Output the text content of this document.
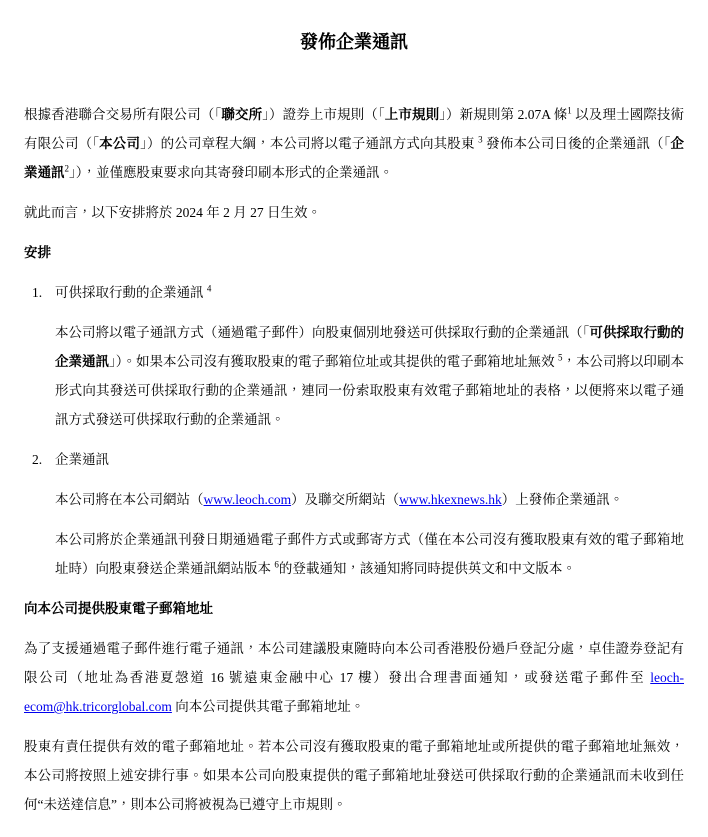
發佈企業通訊

根據香港聯合交易所有限公司（「聯交所」）證券上市規則（「上市規則」）新規則第 2.07A 條$^1$ 以及理士國際技術有限公司（「本公司」）的公司章程大綱，本公司將以電子通訊方式向其股東 $^3$ 發佈本公司日後的企業通訊（「企業通訊$^2$」），並僅應股東要求向其寄發印刷本形式的企業通訊。

就此而言，以下安排將於 2024 年 2 月 27 日生效。

安排
1. 可供採取行動的企業通訊 $^4$

本公司將以電子通訊方式（通過電子郵件）向股東個別地發送可供採取行動的企業通訊（「可供採取行動的企業通訊」）。如果本公司沒有獲取股東的電子郵箱位址或其提供的電子郵箱地址無效 $^5$，本公司將以印刷本形式向其發送可供採取行動的企業通訊，連同一份索取股東有效電子郵箱地址的表格，以便將來以電子通訊方式發送可供採取行動的企業通訊。

2. 企業通訊

本公司將在本公司網站（www.leoch.com）及聯交所網站（www.hkexnews.hk）上發佈企業通訊。

本公司將於企業通訊刊發日期通過電子郵件方式或郵寄方式（僅在本公司沒有獲取股東有效的電子郵箱地址時）向股東發送企業通訊網站版本 $^6$的登載通知，該通知將同時提供英文和中文版本。

向本公司提供股東電子郵箱地址

為了支援通過電子郵件進行電子通訊，本公司建議股東隨時向本公司香港股份過戶登記分處，卓佳證券登記有限公司（地址為香港夏愨道 16 號遠東金融中心 17 樓）發出合理書面通知，或發送電子郵件至 leoch-ecom@hk.tricorglobal.com 向本公司提供其電子郵箱地址。

股東有責任提供有效的電子郵箱地址。若本公司沒有獲取股東的電子郵箱地址或所提供的電子郵箱地址無效，本公司將按照上述安排行事。如果本公司向股東提供的電子郵箱地址發送可供採取行動的企業通訊而未收到任何“未送達信息”，則本公司將被視為已遵守上市規則。
